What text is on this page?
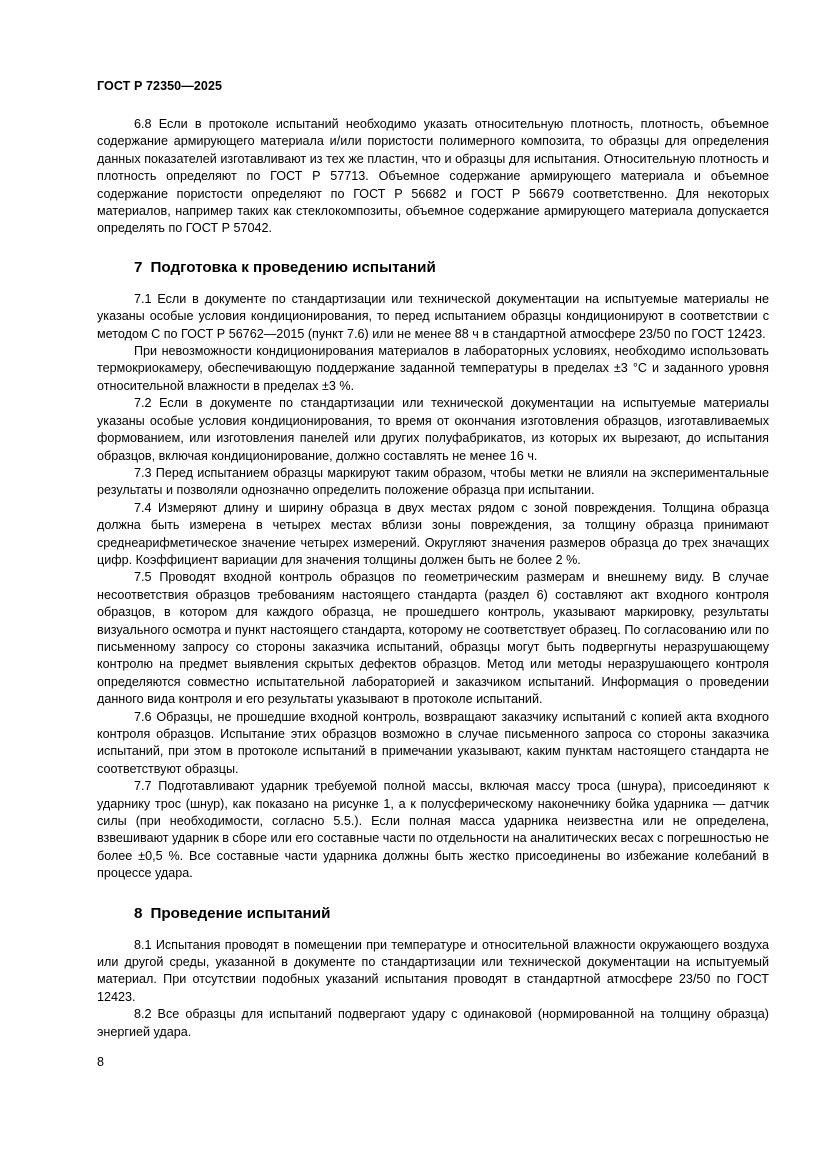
ГОСТ Р 72350—2025

6.8 Если в протоколе испытаний необходимо указать относительную плотность, плотность, объемное содержание армирующего материала и/или пористости полимерного композита, то образцы для определения данных показателей изготавливают из тех же пластин, что и образцы для испытания. Относительную плотность и плотность определяют по ГОСТ Р 57713. Объемное содержание армирующего материала и объемное содержание пористости определяют по ГОСТ Р 56682 и ГОСТ Р 56679 соответственно. Для некоторых материалов, например таких как стеклокомпозиты, объемное содержание армирующего материала допускается определять по ГОСТ Р 57042.

7 Подготовка к проведению испытаний

7.1 Если в документе по стандартизации или технической документации на испытуемые материалы не указаны особые условия кондиционирования, то перед испытанием образцы кондиционируют в соответствии с методом С по ГОСТ Р 56762—2015 (пункт 7.6) или не менее 88 ч в стандартной атмосфере 23/50 по ГОСТ 12423.

При невозможности кондиционирования материалов в лабораторных условиях, необходимо использовать термокриокамеру, обеспечивающую поддержание заданной температуры в пределах ±3 °С и заданного уровня относительной влажности в пределах ±3 %.

7.2 Если в документе по стандартизации или технической документации на испытуемые материалы указаны особые условия кондиционирования, то время от окончания изготовления образцов, изготавливаемых формованием, или изготовления панелей или других полуфабрикатов, из которых их вырезают, до испытания образцов, включая кондиционирование, должно составлять не менее 16 ч.

7.3 Перед испытанием образцы маркируют таким образом, чтобы метки не влияли на экспериментальные результаты и позволяли однозначно определить положение образца при испытании.

7.4 Измеряют длину и ширину образца в двух местах рядом с зоной повреждения. Толщина образца должна быть измерена в четырех местах вблизи зоны повреждения, за толщину образца принимают среднеарифметическое значение четырех измерений. Округляют значения размеров образца до трех значащих цифр. Коэффициент вариации для значения толщины должен быть не более 2 %.

7.5 Проводят входной контроль образцов по геометрическим размерам и внешнему виду. В случае несоответствия образцов требованиям настоящего стандарта (раздел 6) составляют акт входного контроля образцов, в котором для каждого образца, не прошедшего контроль, указывают маркировку, результаты визуального осмотра и пункт настоящего стандарта, которому не соответствует образец. По согласованию или по письменному запросу со стороны заказчика испытаний, образцы могут быть подвергнуты неразрушающему контролю на предмет выявления скрытых дефектов образцов. Метод или методы неразрушающего контроля определяются совместно испытательной лабораторией и заказчиком испытаний. Информация о проведении данного вида контроля и его результаты указывают в протоколе испытаний.

7.6 Образцы, не прошедшие входной контроль, возвращают заказчику испытаний с копией акта входного контроля образцов. Испытание этих образцов возможно в случае письменного запроса со стороны заказчика испытаний, при этом в протоколе испытаний в примечании указывают, каким пунктам настоящего стандарта не соответствуют образцы.

7.7 Подготавливают ударник требуемой полной массы, включая массу троса (шнура), присоединяют к ударнику трос (шнур), как показано на рисунке 1, а к полусферическому наконечнику бойка ударника — датчик силы (при необходимости, согласно 5.5.). Если полная масса ударника неизвестна или не определена, взвешивают ударник в сборе или его составные части по отдельности на аналитических весах с погрешностью не более ±0,5 %. Все составные части ударника должны быть жестко присоединены во избежание колебаний в процессе удара.

8 Проведение испытаний

8.1 Испытания проводят в помещении при температуре и относительной влажности окружающего воздуха или другой среды, указанной в документе по стандартизации или технической документации на испытуемый материал. При отсутствии подобных указаний испытания проводят в стандартной атмосфере 23/50 по ГОСТ 12423.

8.2 Все образцы для испытаний подвергают удару с одинаковой (нормированной на толщину образца) энергией удара.

8
